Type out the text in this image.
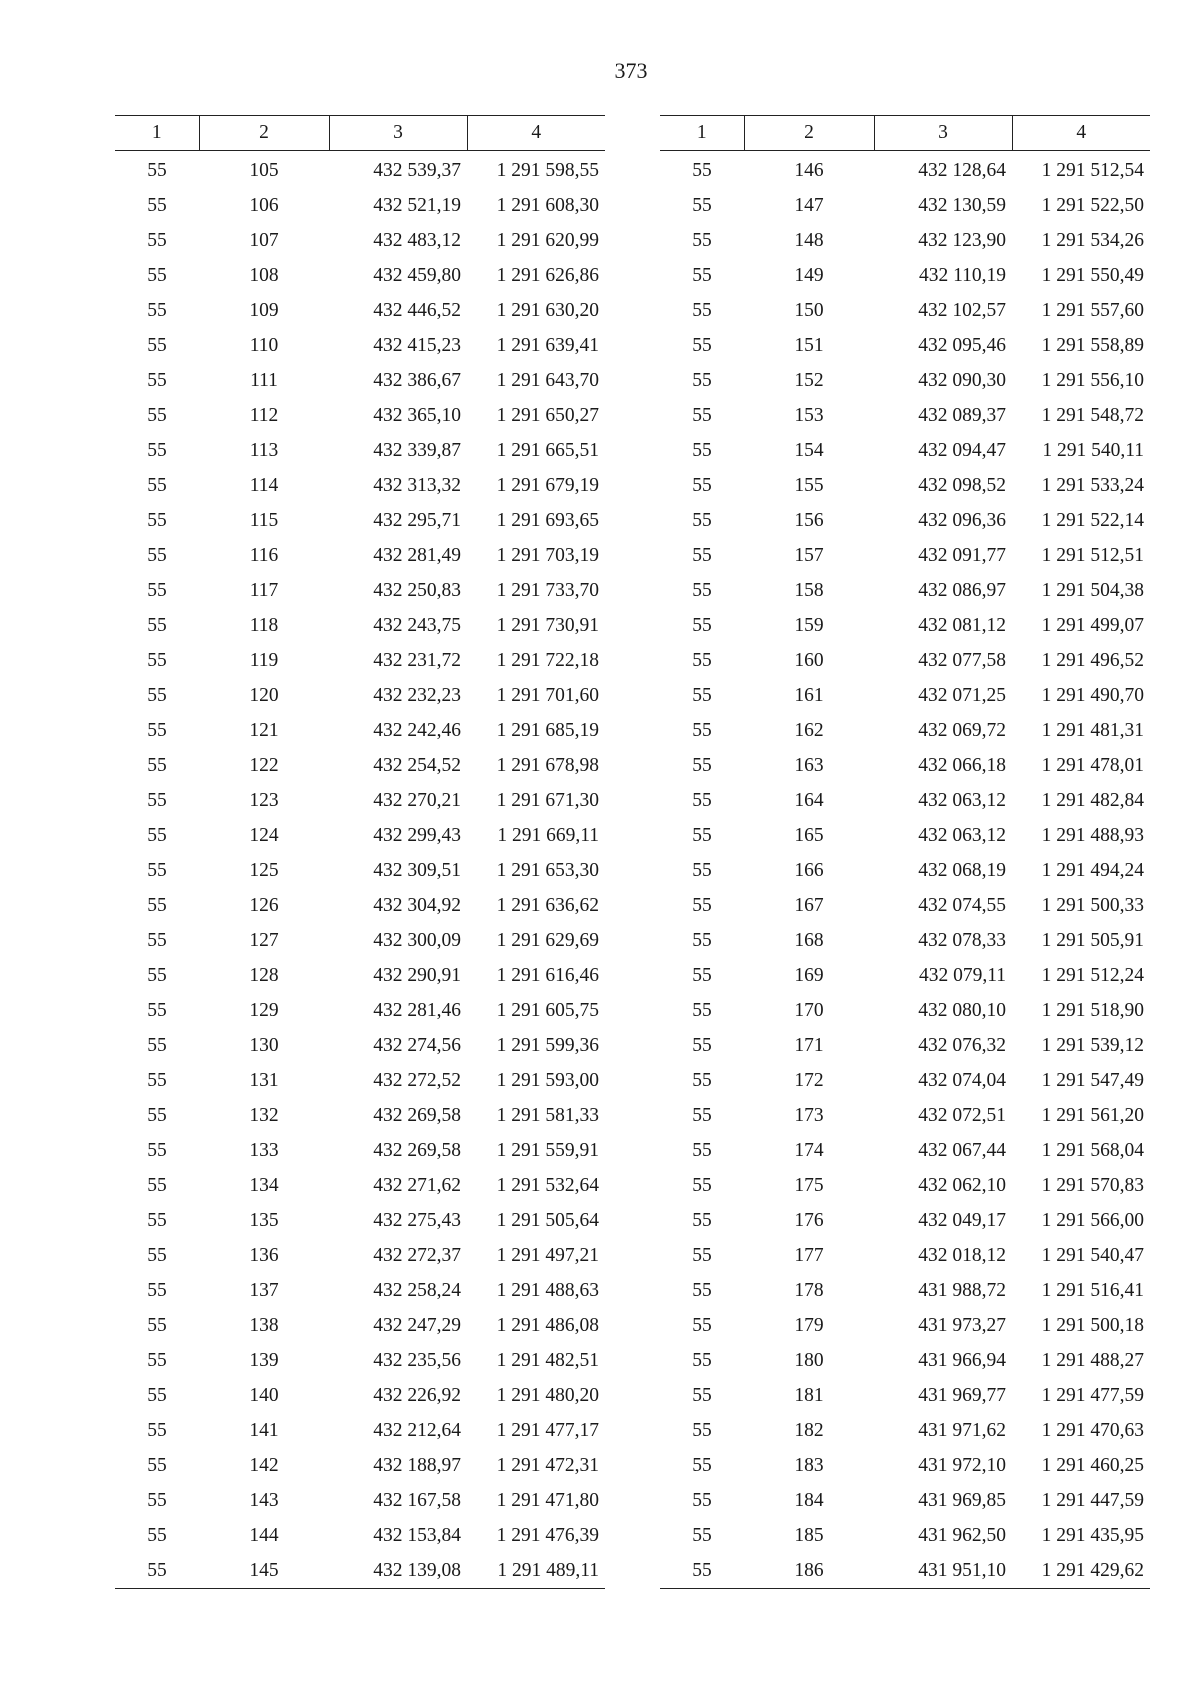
373
1	2	3	4
55	105	432 539,37	1 291 598,55
55	106	432 521,19	1 291 608,30
55	107	432 483,12	1 291 620,99
55	108	432 459,80	1 291 626,86
55	109	432 446,52	1 291 630,20
55	110	432 415,23	1 291 639,41
55	111	432 386,67	1 291 643,70
55	112	432 365,10	1 291 650,27
55	113	432 339,87	1 291 665,51
55	114	432 313,32	1 291 679,19
55	115	432 295,71	1 291 693,65
55	116	432 281,49	1 291 703,19
55	117	432 250,83	1 291 733,70
55	118	432 243,75	1 291 730,91
55	119	432 231,72	1 291 722,18
55	120	432 232,23	1 291 701,60
55	121	432 242,46	1 291 685,19
55	122	432 254,52	1 291 678,98
55	123	432 270,21	1 291 671,30
55	124	432 299,43	1 291 669,11
55	125	432 309,51	1 291 653,30
55	126	432 304,92	1 291 636,62
55	127	432 300,09	1 291 629,69
55	128	432 290,91	1 291 616,46
55	129	432 281,46	1 291 605,75
55	130	432 274,56	1 291 599,36
55	131	432 272,52	1 291 593,00
55	132	432 269,58	1 291 581,33
55	133	432 269,58	1 291 559,91
55	134	432 271,62	1 291 532,64
55	135	432 275,43	1 291 505,64
55	136	432 272,37	1 291 497,21
55	137	432 258,24	1 291 488,63
55	138	432 247,29	1 291 486,08
55	139	432 235,56	1 291 482,51
55	140	432 226,92	1 291 480,20
55	141	432 212,64	1 291 477,17
55	142	432 188,97	1 291 472,31
55	143	432 167,58	1 291 471,80
55	144	432 153,84	1 291 476,39
55	145	432 139,08	1 291 489,11
1	2	3	4
55	146	432 128,64	1 291 512,54
55	147	432 130,59	1 291 522,50
55	148	432 123,90	1 291 534,26
55	149	432 110,19	1 291 550,49
55	150	432 102,57	1 291 557,60
55	151	432 095,46	1 291 558,89
55	152	432 090,30	1 291 556,10
55	153	432 089,37	1 291 548,72
55	154	432 094,47	1 291 540,11
55	155	432 098,52	1 291 533,24
55	156	432 096,36	1 291 522,14
55	157	432 091,77	1 291 512,51
55	158	432 086,97	1 291 504,38
55	159	432 081,12	1 291 499,07
55	160	432 077,58	1 291 496,52
55	161	432 071,25	1 291 490,70
55	162	432 069,72	1 291 481,31
55	163	432 066,18	1 291 478,01
55	164	432 063,12	1 291 482,84
55	165	432 063,12	1 291 488,93
55	166	432 068,19	1 291 494,24
55	167	432 074,55	1 291 500,33
55	168	432 078,33	1 291 505,91
55	169	432 079,11	1 291 512,24
55	170	432 080,10	1 291 518,90
55	171	432 076,32	1 291 539,12
55	172	432 074,04	1 291 547,49
55	173	432 072,51	1 291 561,20
55	174	432 067,44	1 291 568,04
55	175	432 062,10	1 291 570,83
55	176	432 049,17	1 291 566,00
55	177	432 018,12	1 291 540,47
55	178	431 988,72	1 291 516,41
55	179	431 973,27	1 291 500,18
55	180	431 966,94	1 291 488,27
55	181	431 969,77	1 291 477,59
55	182	431 971,62	1 291 470,63
55	183	431 972,10	1 291 460,25
55	184	431 969,85	1 291 447,59
55	185	431 962,50	1 291 435,95
55	186	431 951,10	1 291 429,62
